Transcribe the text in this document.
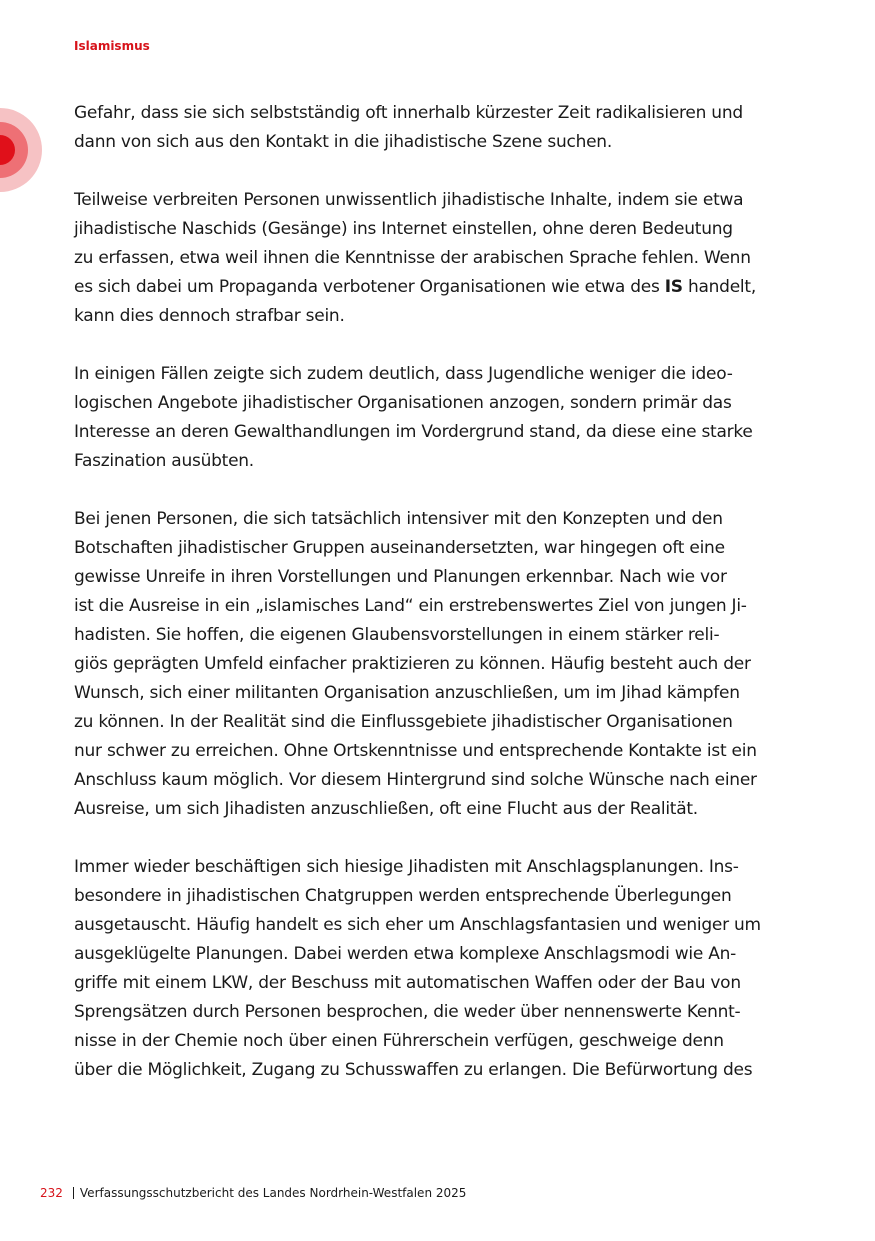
Islamismus
Gefahr, dass sie sich selbstständig oft innerhalb kürzester Zeit radikalisieren und
dann von sich aus den Kontakt in die jihadistische Szene suchen.
Teilweise verbreiten Personen unwissentlich jihadistische Inhalte, indem sie etwa
jihadistische Naschids (Gesänge) ins Internet einstellen, ohne deren Bedeutung
zu erfassen, etwa weil ihnen die Kenntnisse der arabischen Sprache fehlen. Wenn
es sich dabei um Propaganda verbotener Organisationen wie etwa des IS handelt,
kann dies dennoch strafbar sein.
In einigen Fällen zeigte sich zudem deutlich, dass Jugendliche weniger die ideo-
logischen Angebote jihadistischer Organisationen anzogen, sondern primär das
Interesse an deren Gewalthandlungen im Vordergrund stand, da diese eine starke
Faszination ausübten.
Bei jenen Personen, die sich tatsächlich intensiver mit den Konzepten und den
Botschaften jihadistischer Gruppen auseinandersetzten, war hingegen oft eine
gewisse Unreife in ihren Vorstellungen und Planungen erkennbar. Nach wie vor
ist die Ausreise in ein „islamisches Land“ ein erstrebenswertes Ziel von jungen Ji-
hadisten. Sie hoffen, die eigenen Glaubensvorstellungen in einem stärker reli-
giös geprägten Umfeld einfacher praktizieren zu können. Häufig besteht auch der
Wunsch, sich einer militanten Organisation anzuschließen, um im Jihad kämpfen
zu können. In der Realität sind die Einflussgebiete jihadistischer Organisationen
nur schwer zu erreichen. Ohne Ortskenntnisse und entsprechende Kontakte ist ein
Anschluss kaum möglich. Vor diesem Hintergrund sind solche Wünsche nach einer
Ausreise, um sich Jihadisten anzuschließen, oft eine Flucht aus der Realität.
Immer wieder beschäftigen sich hiesige Jihadisten mit Anschlagsplanungen. Ins-
besondere in jihadistischen Chatgruppen werden entsprechende Überlegungen
ausgetauscht. Häufig handelt es sich eher um Anschlagsfantasien und weniger um
ausgeklügelte Planungen. Dabei werden etwa komplexe Anschlagsmodi wie An-
griffe mit einem LKW, der Beschuss mit automatischen Waffen oder der Bau von
Sprengsätzen durch Personen besprochen, die weder über nennenswerte Kennt-
nisse in der Chemie noch über einen Führerschein verfügen, geschweige denn
über die Möglichkeit, Zugang zu Schusswaffen zu erlangen. Die Befürwortung des
232 Verfassungsschutzbericht des Landes Nordrhein-Westfalen 2025
